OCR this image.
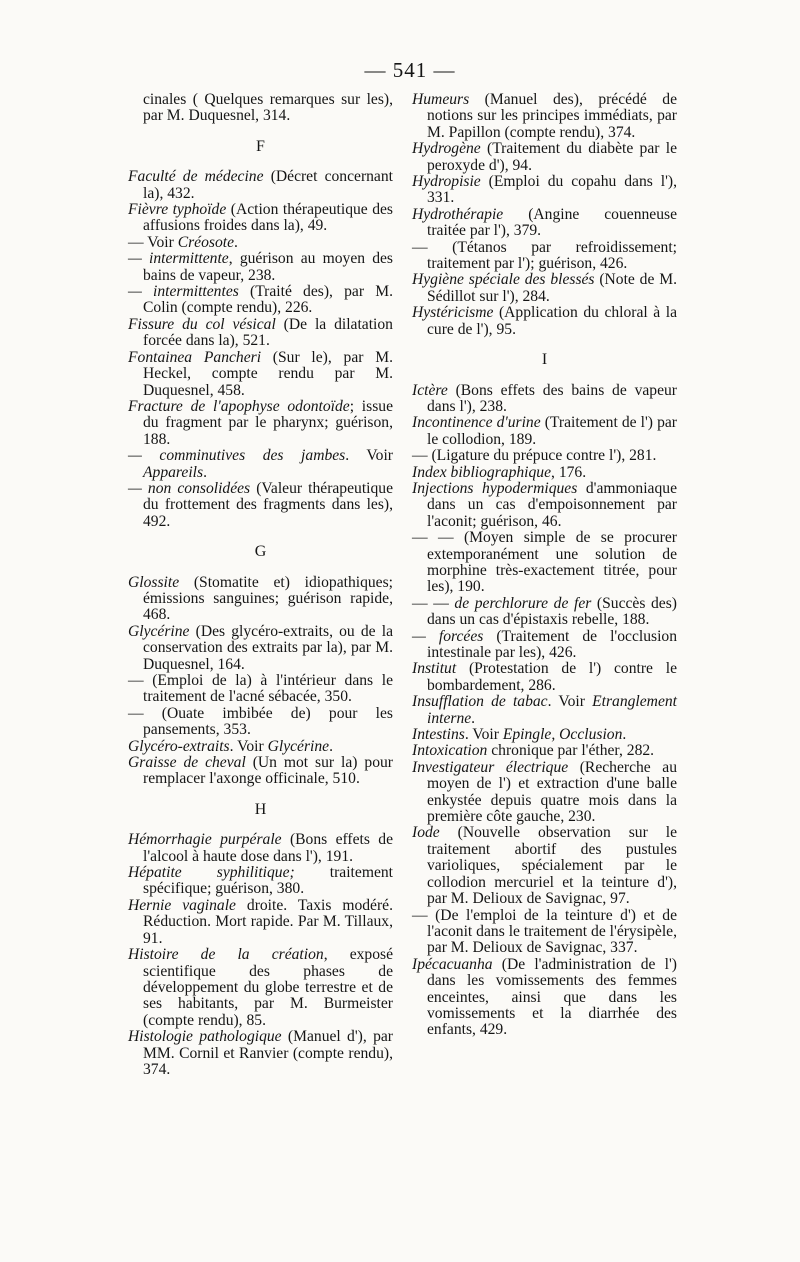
— 541 —

cinales ( Quelques remarques sur les), par M. Duquesnel, 314.

F

Faculté de médecine (Décret concernant la), 432.

Fièvre typhoïde (Action thérapeutique des affusions froides dans la), 49.

— Voir Créosote.

— intermittente, guérison au moyen des bains de vapeur, 238.

— intermittentes (Traité des), par M. Colin (compte rendu), 226.

Fissure du col vésical (De la dilatation forcée dans la), 521.

Fontainea Pancheri (Sur le), par M. Heckel, compte rendu par M. Duquesnel, 458.

Fracture de l'apophyse odontoïde; issue du fragment par le pharynx; guérison, 188.

— comminutives des jambes. Voir Appareils.

— non consolidées (Valeur thérapeutique du frottement des fragments dans les), 492.

G

Glossite (Stomatite et) idiopathiques; émissions sanguines; guérison rapide, 468.

Glycérine (Des glycéro-extraits, ou de la conservation des extraits par la), par M. Duquesnel, 164.

— (Emploi de la) à l'intérieur dans le traitement de l'acné sébacée, 350.

— (Ouate imbibée de) pour les pansements, 353.

Glycéro-extraits. Voir Glycérine.

Graisse de cheval (Un mot sur la) pour remplacer l'axonge officinale, 510.

H

Hémorrhagie purpérale (Bons effets de l'alcool à haute dose dans l'), 191.

Hépatite syphilitique; traitement spécifique; guérison, 380.

Hernie vaginale droite. Taxis modéré. Réduction. Mort rapide. Par M. Tillaux, 91.

Histoire de la création, exposé scientifique des phases de développement du globe terrestre et de ses habitants, par M. Burmeister (compte rendu), 85.

Histologie pathologique (Manuel d'), par MM. Cornil et Ranvier (compte rendu), 374.

Humeurs (Manuel des), précédé de notions sur les principes immédiats, par M. Papillon (compte rendu), 374.

Hydrogène (Traitement du diabète par le peroxyde d'), 94.

Hydropisie (Emploi du copahu dans l'), 331.

Hydrothérapie (Angine couenneuse traitée par l'), 379.

— (Tétanos par refroidissement; traitement par l'); guérison, 426.

Hygiène spéciale des blessés (Note de M. Sédillot sur l'), 284.

Hystéricisme (Application du chloral à la cure de l'), 95.

I

Ictère (Bons effets des bains de vapeur dans l'), 238.

Incontinence d'urine (Traitement de l') par le collodion, 189.

— (Ligature du prépuce contre l'), 281.

Index bibliographique, 176.

Injections hypodermiques d'ammoniaque dans un cas d'empoisonnement par l'aconit; guérison, 46.

— — (Moyen simple de se procurer extemporanément une solution de morphine très-exactement titrée, pour les), 190.

— — de perchlorure de fer (Succès des) dans un cas d'épistaxis rebelle, 188.

— forcées (Traitement de l'occlusion intestinale par les), 426.

Institut (Protestation de l') contre le bombardement, 286.

Insufflation de tabac. Voir Etranglement interne.

Intestins. Voir Epingle, Occlusion.

Intoxication chronique par l'éther, 282.

Investigateur électrique (Recherche au moyen de l') et extraction d'une balle enkystée depuis quatre mois dans la première côte gauche, 230.

Iode (Nouvelle observation sur le traitement abortif des pustules varioliques, spécialement par le collodion mercuriel et la teinture d'), par M. Delioux de Savignac, 97.

— (De l'emploi de la teinture d') et de l'aconit dans le traitement de l'érysipèle, par M. Delioux de Savignac, 337.

Ipécacuanha (De l'administration de l') dans les vomissements des femmes enceintes, ainsi que dans les vomissements et la diarrhée des enfants, 429.
